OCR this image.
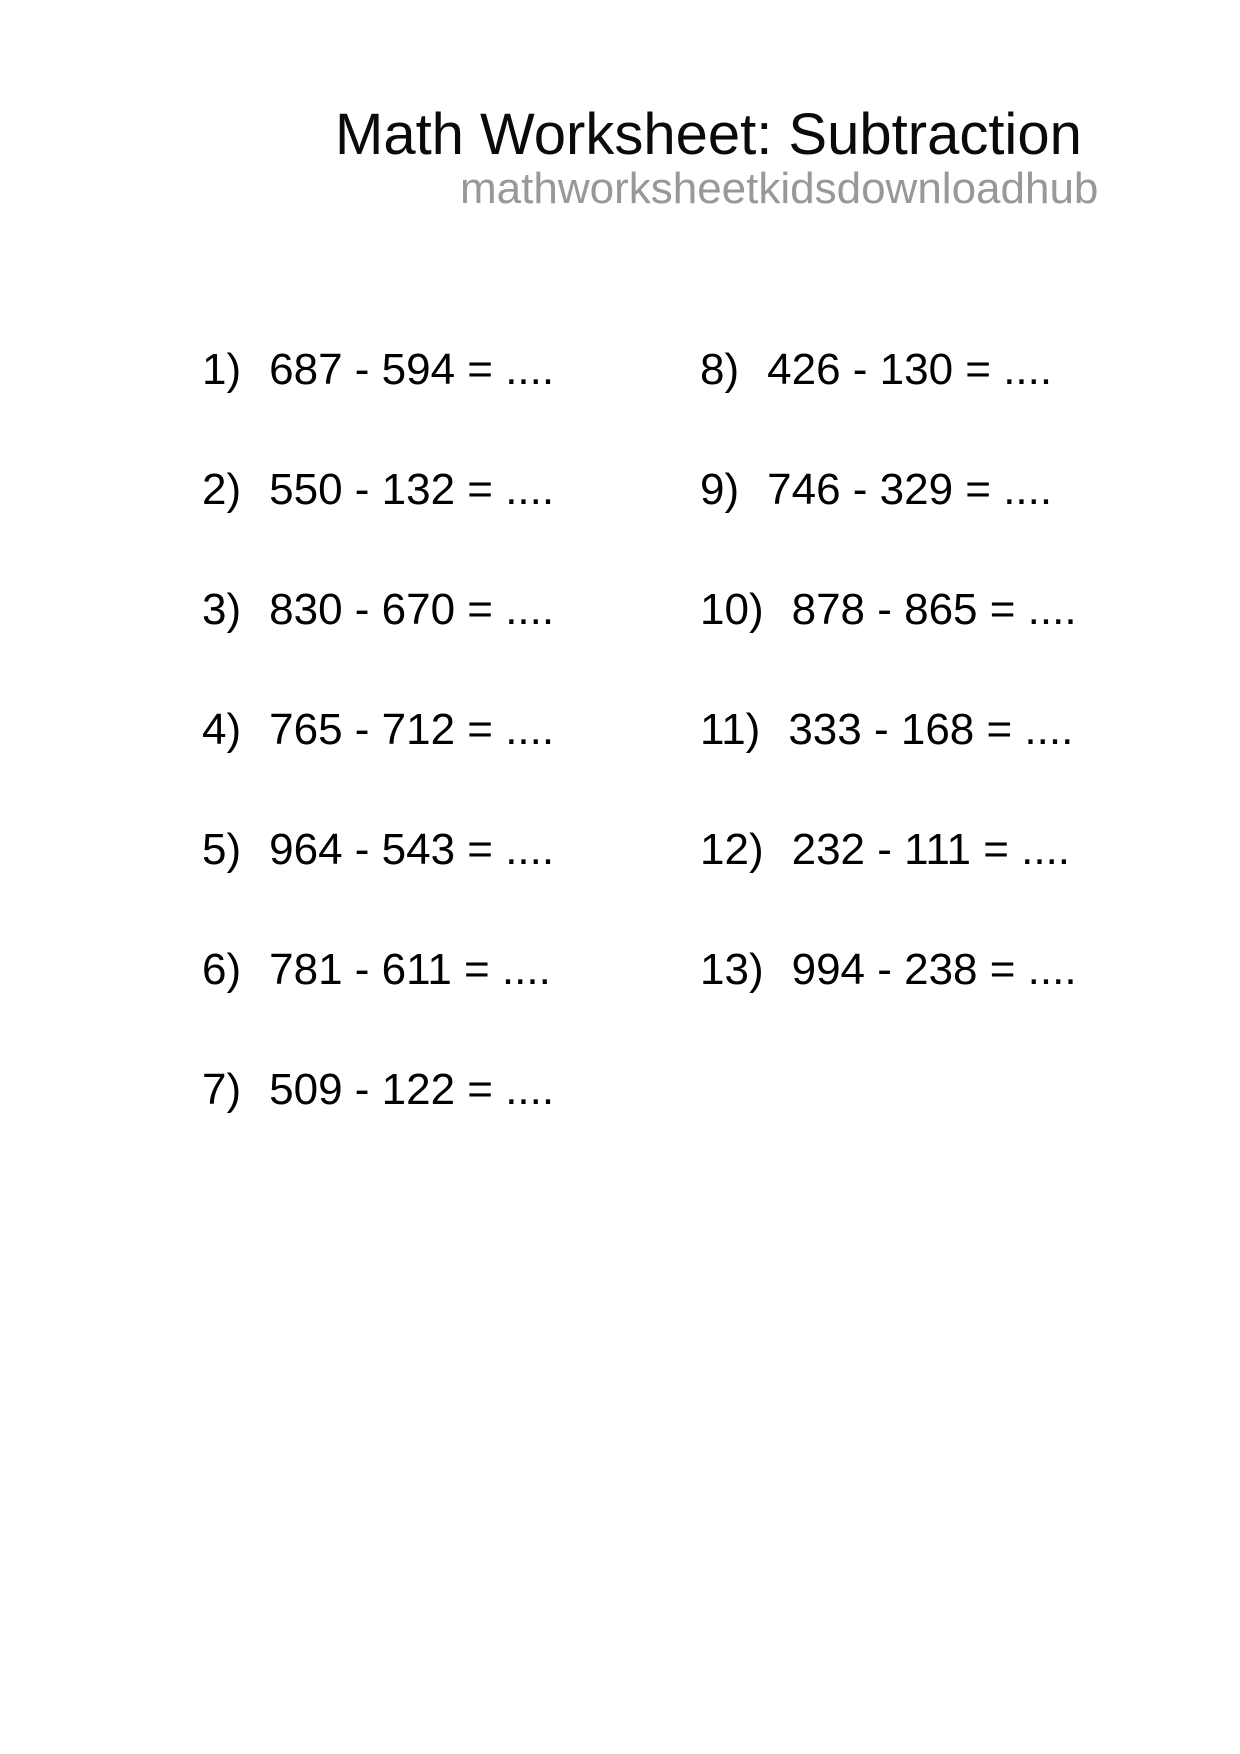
Math Worksheet: Subtraction
mathworksheetkidsdownloadhub
1) 687 - 594 = ....
2) 550 - 132 = ....
3) 830 - 670 = ....
4) 765 - 712 = ....
5) 964 - 543 = ....
6) 781 - 611 = ....
7) 509 - 122 = ....
8) 426 - 130 = ....
9) 746 - 329 = ....
10) 878 - 865 = ....
11) 333 - 168 = ....
12) 232 - 111 = ....
13) 994 - 238 = ....
